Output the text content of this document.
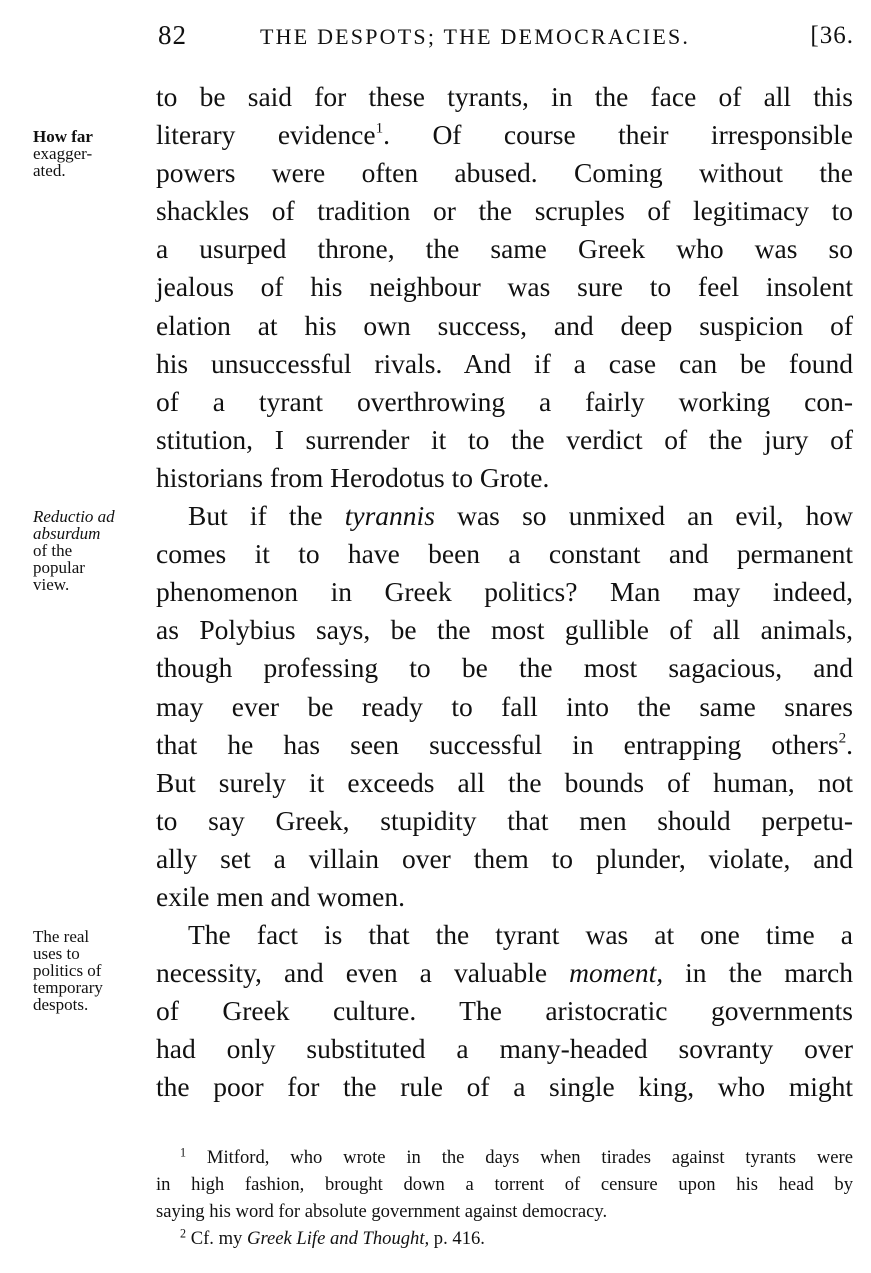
82	THE DESPOTS; THE DEMOCRACIES.	[36.
How far
exagger-
ated.
Reductio ad
absurdum
of the
popular
view.
The real
uses to
politics of
temporary
despots.
to be said for these tyrants, in the face of all this
literary evidence$^1$. Of course their irresponsible
powers were often abused. Coming without the
shackles of tradition or the scruples of legitimacy to
a usurped throne, the same Greek who was so
jealous of his neighbour was sure to feel insolent
elation at his own success, and deep suspicion of
his unsuccessful rivals. And if a case can be found
of a tyrant overthrowing a fairly working con-
stitution, I surrender it to the verdict of the jury of
historians from Herodotus to Grote.
But if the tyrannis was so unmixed an evil, how
comes it to have been a constant and permanent
phenomenon in Greek politics? Man may indeed,
as Polybius says, be the most gullible of all animals,
though professing to be the most sagacious, and
may ever be ready to fall into the same snares
that he has seen successful in entrapping others$^2$.
But surely it exceeds all the bounds of human, not
to say Greek, stupidity that men should perpetu-
ally set a villain over them to plunder, violate, and
exile men and women.
The fact is that the tyrant was at one time a
necessity, and even a valuable moment, in the march
of Greek culture. The aristocratic governments
had only substituted a many-headed sovranty over
the poor for the rule of a single king, who might
$^1$ Mitford, who wrote in the days when tirades against tyrants were
in high fashion, brought down a torrent of censure upon his head by
saying his word for absolute government against democracy.
$^2$ Cf. my Greek Life and Thought, p. 416.
